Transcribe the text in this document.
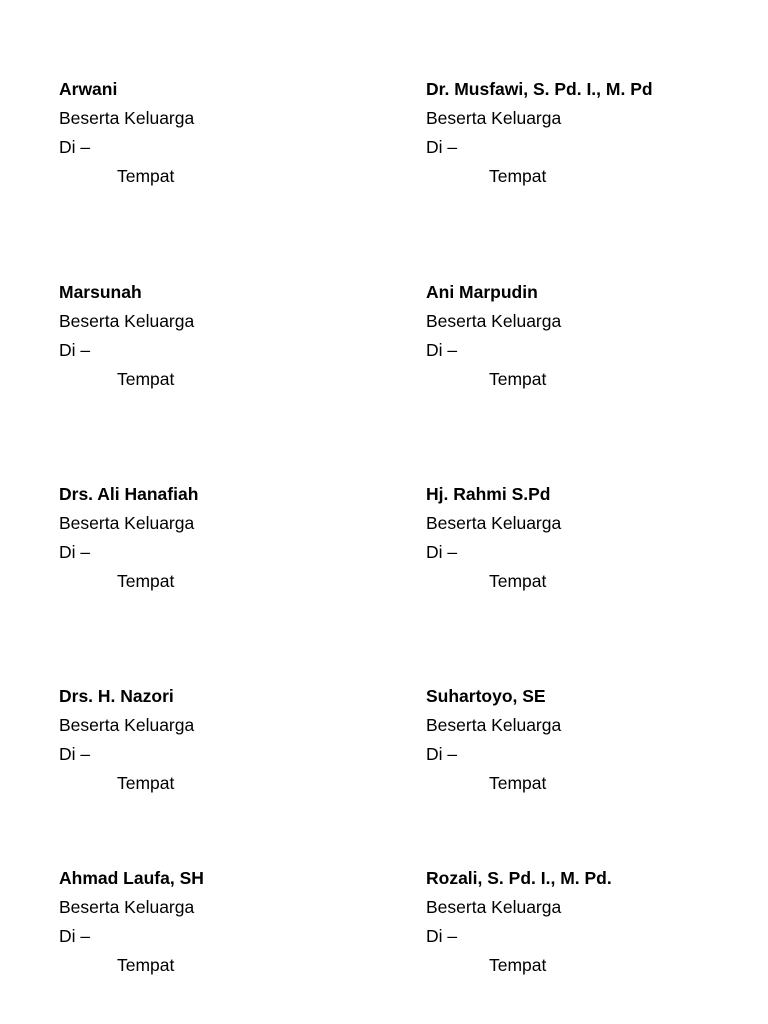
Arwani
Beserta Keluarga
Di –
Tempat
Dr. Musfawi, S. Pd. I., M. Pd
Beserta Keluarga
Di –
Tempat
Marsunah
Beserta Keluarga
Di –
Tempat
Ani Marpudin
Beserta Keluarga
Di –
Tempat
Drs. Ali Hanafiah
Beserta Keluarga
Di –
Tempat
Hj. Rahmi S.Pd
Beserta Keluarga
Di –
Tempat
Drs. H. Nazori
Beserta Keluarga
Di –
Tempat
Suhartoyo, SE
Beserta Keluarga
Di –
Tempat
Ahmad Laufa, SH
Beserta Keluarga
Di –
Tempat
Rozali, S. Pd. I., M. Pd.
Beserta Keluarga
Di –
Tempat
